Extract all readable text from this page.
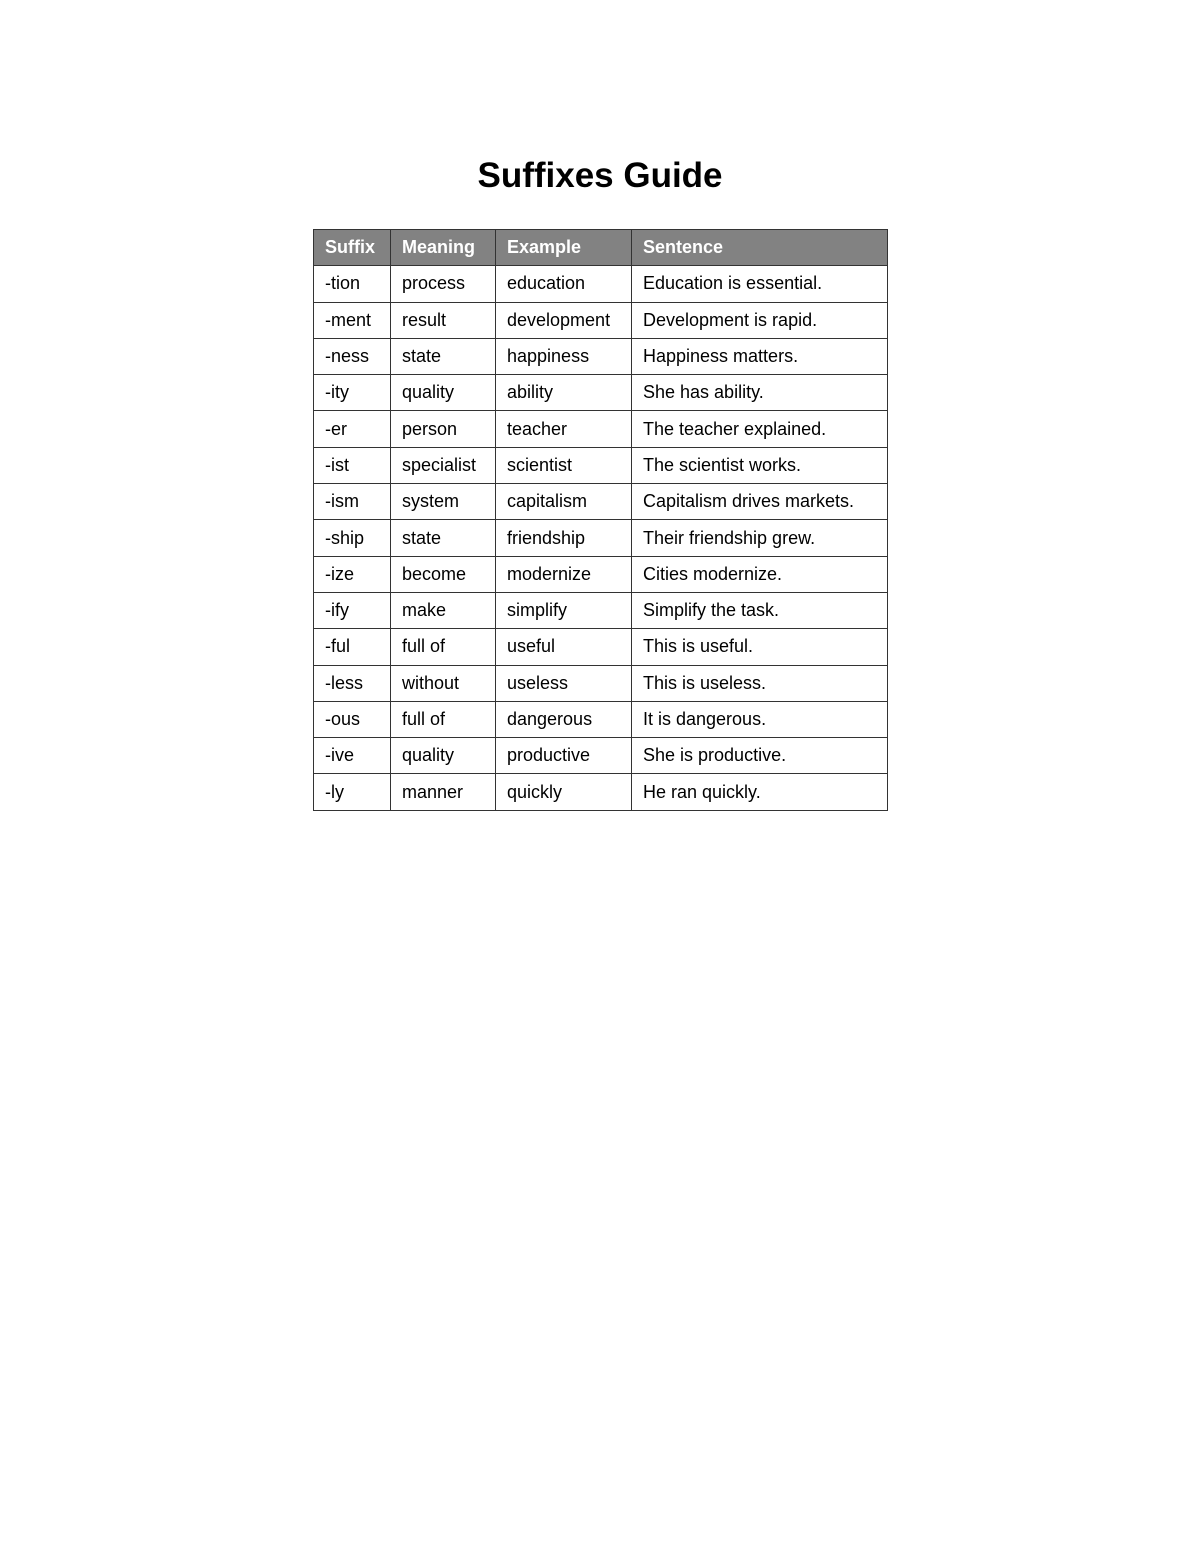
Suffixes Guide
Suffix	Meaning	Example	Sentence
-tion	process	education	Education is essential.
-ment	result	development	Development is rapid.
-ness	state	happiness	Happiness matters.
-ity	quality	ability	She has ability.
-er	person	teacher	The teacher explained.
-ist	specialist	scientist	The scientist works.
-ism	system	capitalism	Capitalism drives markets.
-ship	state	friendship	Their friendship grew.
-ize	become	modernize	Cities modernize.
-ify	make	simplify	Simplify the task.
-ful	full of	useful	This is useful.
-less	without	useless	This is useless.
-ous	full of	dangerous	It is dangerous.
-ive	quality	productive	She is productive.
-ly	manner	quickly	He ran quickly.
